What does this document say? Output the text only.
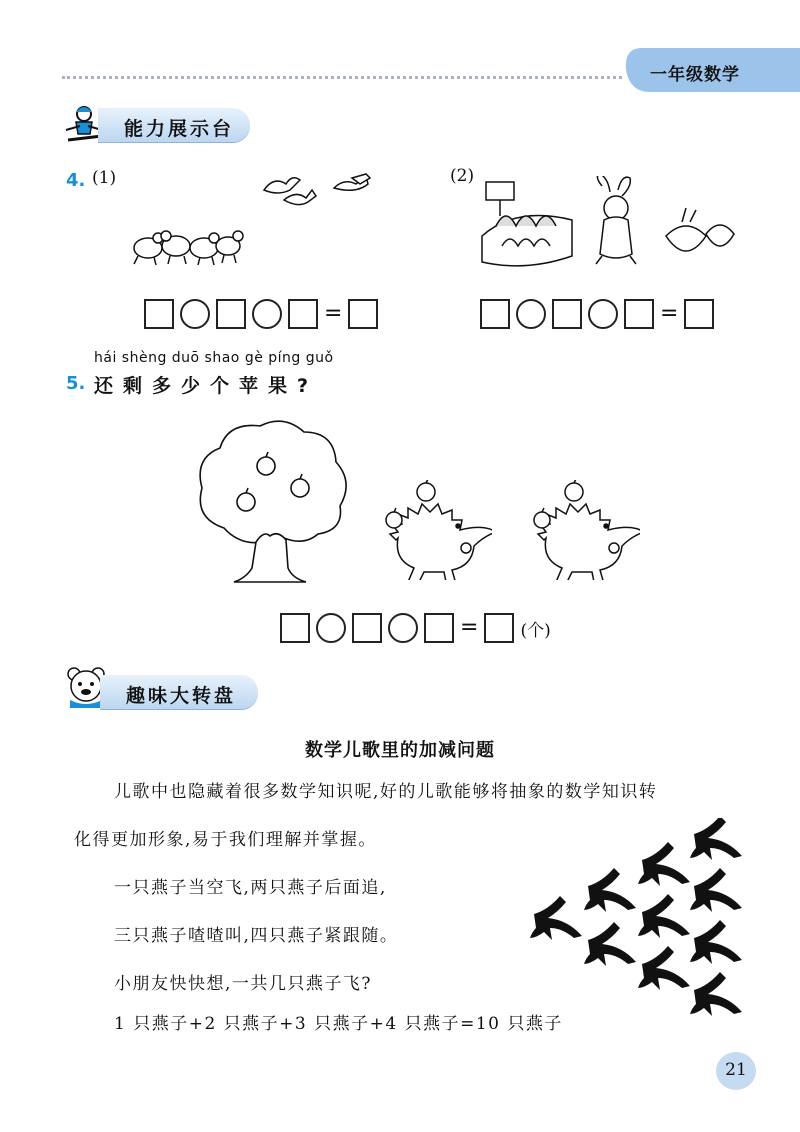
一年级数学
能力展示台
4. (1)	(2)
=	=
hái shèng duō shao gè píng guǒ
5. 还剩多少个苹果?
= (个)
趣味大转盘
数学儿歌里的加减问题
儿歌中也隐藏着很多数学知识呢,好的儿歌能够将抽象的数学知识转
化得更加形象,易于我们理解并掌握。
一只燕子当空飞,两只燕子后面追,
三只燕子喳喳叫,四只燕子紧跟随。
小朋友快快想,一共几只燕子飞?
1 只燕子+2 只燕子+3 只燕子+4 只燕子=10 只燕子
21
